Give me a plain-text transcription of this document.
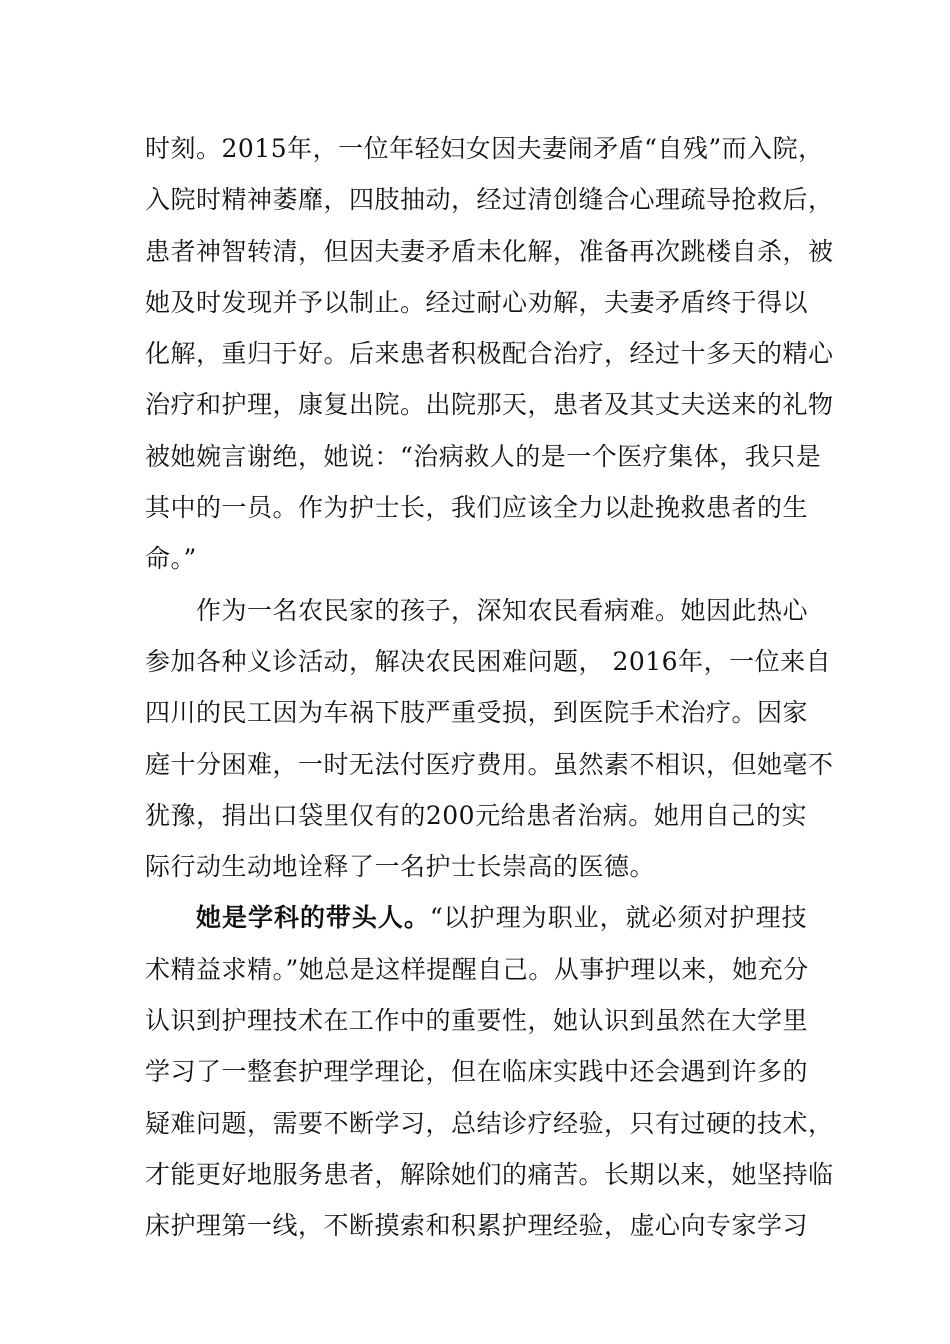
时刻。2015年，一位年轻妇女因夫妻闹矛盾“自残”而入院，
入院时精神萎靡，四肢抽动，经过清创缝合心理疏导抢救后，
患者神智转清，但因夫妻矛盾未化解，准备再次跳楼自杀，被
她及时发现并予以制止。经过耐心劝解，夫妻矛盾终于得以
化解，重归于好。后来患者积极配合治疗，经过十多天的精心
治疗和护理，康复出院。出院那天，患者及其丈夫送来的礼物
被她婉言谢绝，她说：“治病救人的是一个医疗集体，我只是
其中的一员。作为护士长，我们应该全力以赴挽救患者的生
命。”
作为一名农民家的孩子，深知农民看病难。她因此热心
参加各种义诊活动，解决农民困难问题， 2016年，一位来自
四川的民工因为车祸下肢严重受损，到医院手术治疗。因家
庭十分困难，一时无法付医疗费用。虽然素不相识，但她毫不
犹豫，捐出口袋里仅有的200元给患者治病。她用自己的实
际行动生动地诠释了一名护士长崇高的医德。
她是学科的带头人。“以护理为职业，就必须对护理技
术精益求精。”她总是这样提醒自己。从事护理以来，她充分
认识到护理技术在工作中的重要性，她认识到虽然在大学里
学习了一整套护理学理论，但在临床实践中还会遇到许多的
疑难问题，需要不断学习，总结诊疗经验，只有过硬的技术，
才能更好地服务患者，解除她们的痛苦。长期以来，她坚持临
床护理第一线，不断摸索和积累护理经验，虚心向专家学习
